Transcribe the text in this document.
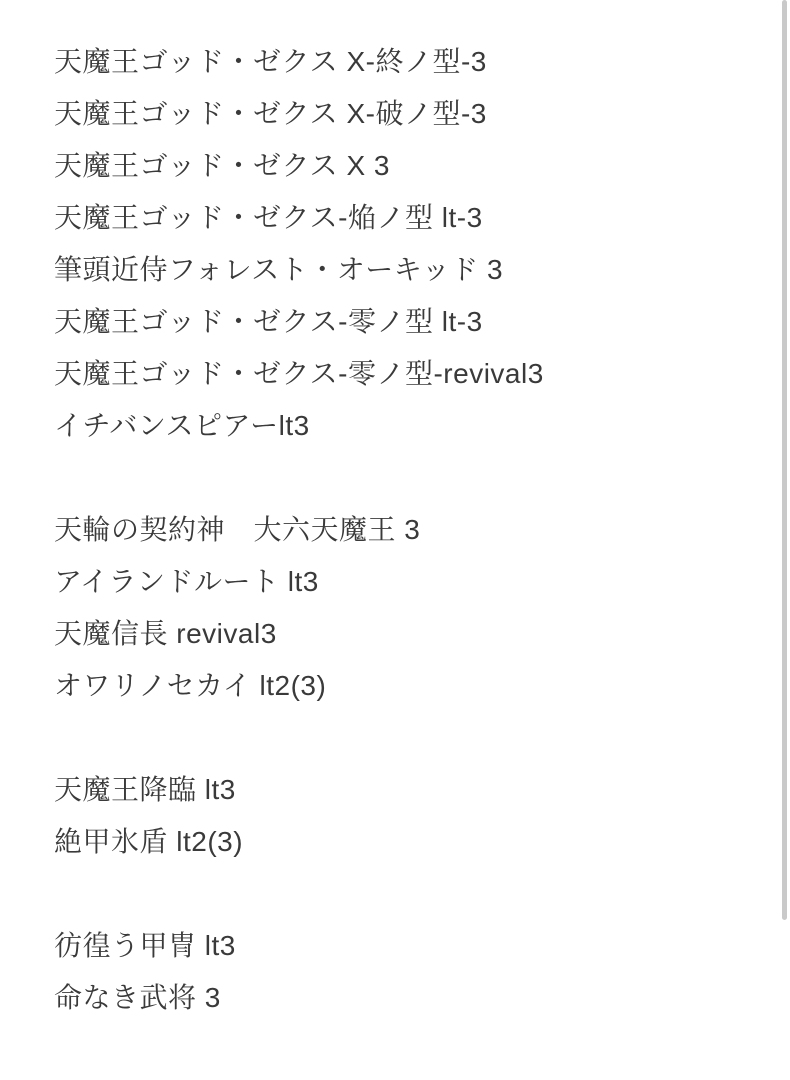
天魔王ゴッド・ゼクス X-終ノ型-3
天魔王ゴッド・ゼクス X-破ノ型-3
天魔王ゴッド・ゼクス X 3
天魔王ゴッド・ゼクス-焔ノ型 lt-3
筆頭近侍フォレスト・オーキッド 3
天魔王ゴッド・ゼクス-零ノ型 lt-3
天魔王ゴッド・ゼクス-零ノ型-revival3
イチバンスピアーlt3
天輪の契約神　大六天魔王 3
アイランドルート lt3
天魔信長 revival3
オワリノセカイ lt2(3)
天魔王降臨 lt3
絶甲氷盾 lt2(3)
彷徨う甲冑 lt3
命なき武将 3
